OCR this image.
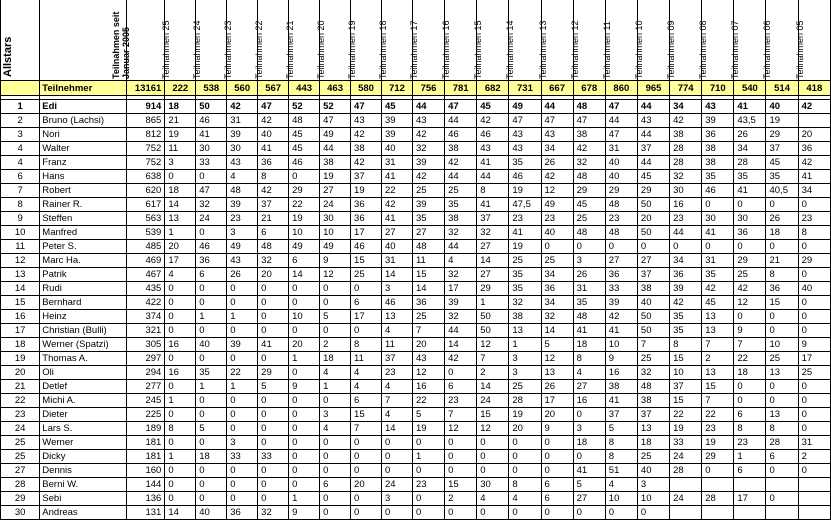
Allstars		Teilnahmen seit Januar 2005	Teilnahmen 25	Teilnahmen 24	Teilnahmen 23	Teilnahmen 22	Teilnahmen 21	Teilnahmen 20	Teilnahmen 19	Teilnahmen 18	Teilnahmen 17	Teilnahmen 16	Teilnahmen 15	Teilnahmen 14	Teilnahmen 13	Teilnahmen 12	Teilnahmen 11	Teilnahmen 10	Teilnahmen 09	Teilnahmen 08	Teilnahmen 07	Teilnahmen 06	Teilnahmen 05

	Teilnehmer	13161	222	538	560	567	443	463	580	712	756	781	682	731	667	678	860	965	774	710	540	514	418

1	Edi	914	18	50	42	47	52	52	47	45	44	47	45	49	44	48	47	44	34	43	41	40	42
2	Bruno (Lachsi)	865	21	46	31	42	48	47	43	39	43	44	42	47	47	47	44	43	42	39	43,5	19	
3	Nori	812	19	41	39	40	45	49	42	39	42	46	46	43	43	38	47	44	38	36	26	29	20
4	Walter	752	11	30	30	41	45	44	38	40	32	38	43	43	34	42	31	37	28	38	34	37	36
4	Franz	752	3	33	43	36	46	38	42	31	39	42	41	35	26	32	40	44	28	38	28	45	42
6	Hans	638	0	0	4	8	0	19	37	41	42	44	44	46	42	48	40	45	32	35	35	35	41
7	Robert	620	18	47	48	42	29	27	19	22	25	25	8	19	12	29	29	29	30	46	41	40,5	34
8	Rainer R.	617	14	32	39	37	22	24	36	42	39	35	41	47,5	49	45	48	50	16	0	0	0	0
9	Steffen	563	13	24	23	21	19	30	36	41	35	38	37	23	23	25	23	20	23	30	30	26	23
10	Manfred	539	1	0	3	6	10	10	17	27	27	32	32	41	40	48	48	50	44	41	36	18	8
11	Peter S.	485	20	46	49	48	49	49	46	40	48	44	27	19	0	0	0	0	0	0	0	0	0
12	Marc Ha.	469	17	36	43	32	6	9	15	31	11	4	14	25	25	3	27	27	34	31	29	21	29
13	Patrik	467	4	6	26	20	14	12	25	14	15	32	27	35	34	26	36	37	36	35	25	8	0
14	Rudi	435	0	0	0	0	0	0	0	3	14	17	29	35	36	31	33	38	39	42	42	36	40
15	Bernhard	422	0	0	0	0	0	0	6	46	36	39	1	32	34	35	39	40	42	45	12	15	0
16	Heinz	374	0	1	1	0	10	5	17	13	25	32	50	38	32	48	42	50	35	13	0	0	0
17	Christian (Bulli)	321	0	0	0	0	0	0	0	4	7	44	50	13	14	41	41	50	35	13	9	0	0
18	Werner (Spatzi)	305	16	40	39	41	20	2	8	11	20	14	12	1	5	18	10	7	8	7	7	10	9
19	Thomas A.	297	0	0	0	0	1	18	11	37	43	42	7	3	12	8	9	25	15	2	22	25	17
20	Oli	294	16	35	22	29	0	4	4	23	12	0	2	3	13	4	16	32	10	13	18	13	25
21	Detlef	277	0	1	1	5	9	1	4	4	16	6	14	25	26	27	38	48	37	15	0	0	0
22	Michi A.	245	1	0	0	0	0	0	6	7	22	23	24	28	17	16	41	38	15	7	0	0	0
23	Dieter	225	0	0	0	0	0	3	15	4	5	7	15	19	20	0	37	37	22	22	6	13	0
24	Lars S.	189	8	5	0	0	0	4	7	14	19	12	12	20	9	3	5	13	19	23	8	8	0
25	Werner	181	0	0	3	0	0	0	0	0	0	0	0	0	0	18	8	18	33	19	23	28	31
25	Dicky	181	1	18	33	33	0	0	0	0	1	0	0	0	0	0	8	25	24	29	1	6	2
27	Dennis	160	0	0	0	0	0	0	0	0	0	0	0	0	0	41	51	40	28	0	6	0	0
28	Berni W.	144	0	0	0	0	0	6	20	24	23	15	30	8	6	5	4	3					
29	Sebi	136	0	0	0	0	1	0	0	3	0	2	4	4	6	27	10	10	24	28	17	0	
30	Andreas	131	14	40	36	32	9	0	0	0	0	0	0	0	0	0	0	0					
